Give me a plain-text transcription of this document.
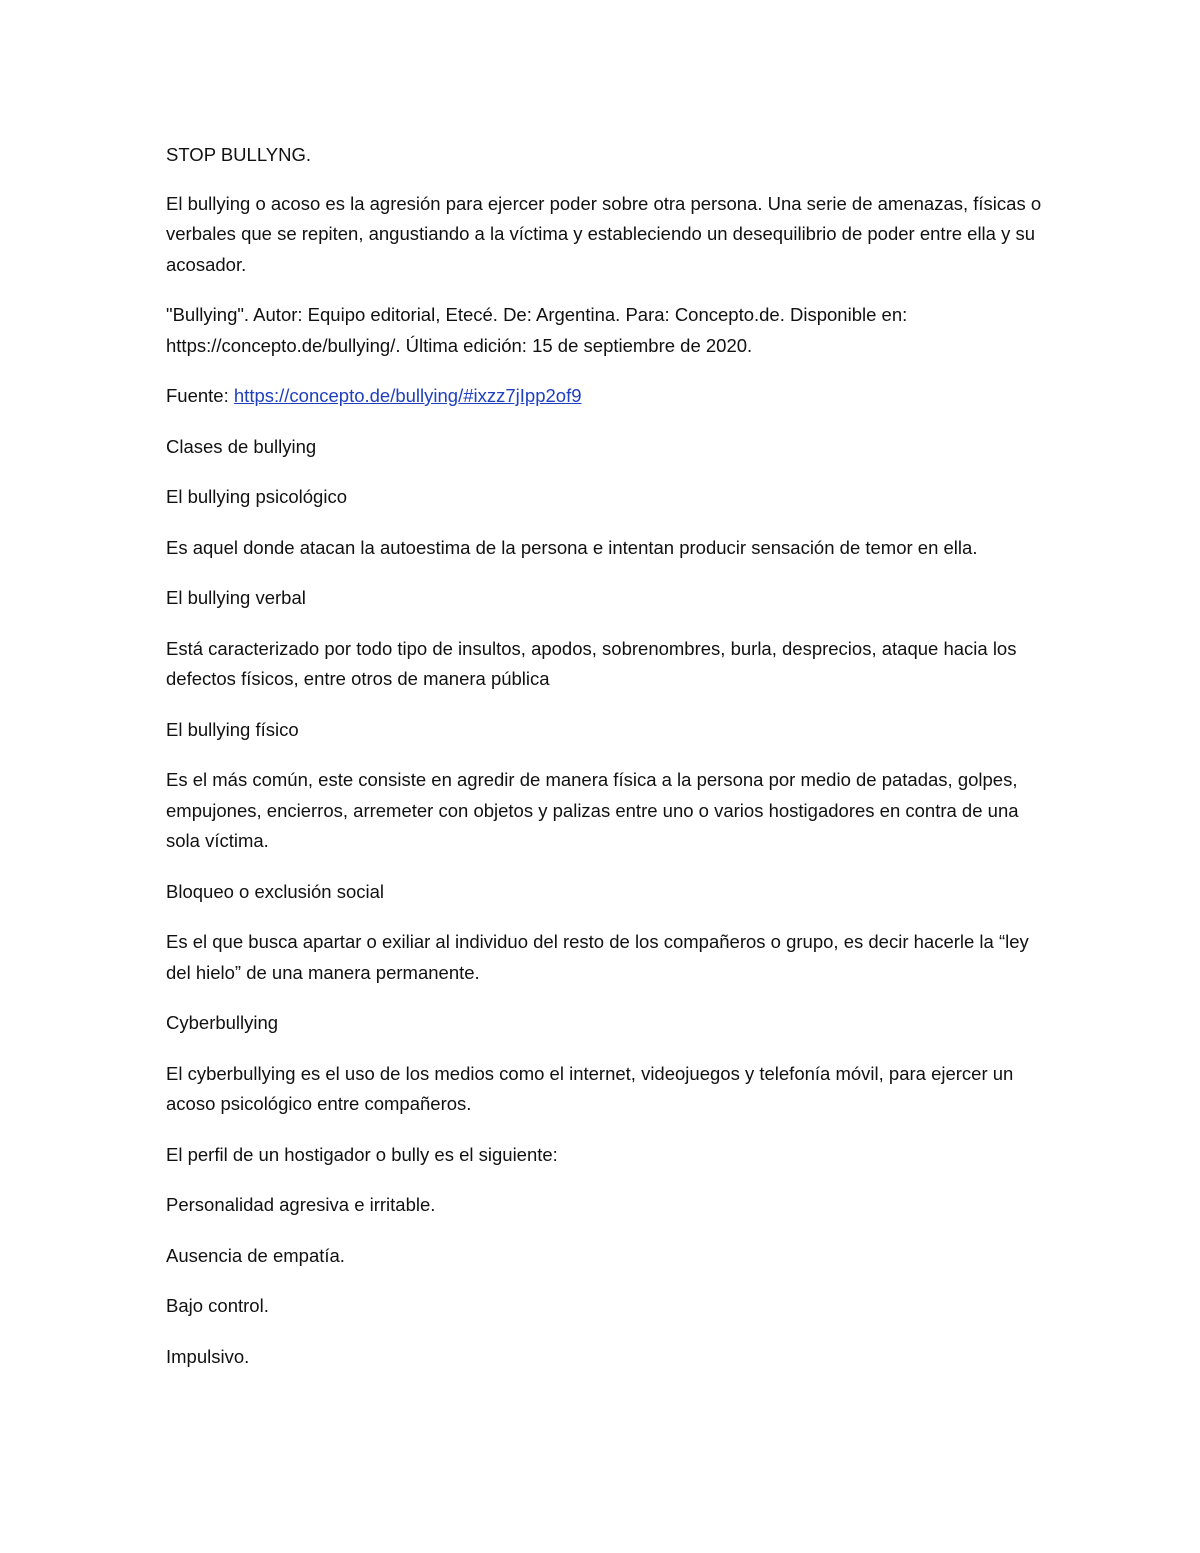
STOP BULLYNG.

El bullying o acoso es la agresión para ejercer poder sobre otra persona. Una serie de amenazas, físicas o verbales que se repiten, angustiando a la víctima y estableciendo un desequilibrio de poder entre ella y su acosador.

"Bullying". Autor: Equipo editorial, Etecé. De: Argentina. Para: Concepto.de. Disponible en: https://concepto.de/bullying/. Última edición: 15 de septiembre de 2020.

Fuente: https://concepto.de/bullying/#ixzz7jIpp2of9

Clases de bullying

El bullying psicológico

Es aquel donde atacan la autoestima de la persona e intentan producir sensación de temor en ella.

El bullying verbal

Está caracterizado por todo tipo de insultos, apodos, sobrenombres, burla, desprecios, ataque hacia los defectos físicos, entre otros de manera pública

El bullying físico

Es el más común, este consiste en agredir de manera física a la persona por medio de patadas, golpes, empujones, encierros, arremeter con objetos y palizas entre uno o varios hostigadores en contra de una sola víctima.

Bloqueo o exclusión social

Es el que busca apartar o exiliar al individuo del resto de los compañeros o grupo, es decir hacerle la “ley del hielo” de una manera permanente.

Cyberbullying

El cyberbullying es el uso de los medios como el internet, videojuegos y telefonía móvil, para ejercer un acoso psicológico entre compañeros.

El perfil de un hostigador o bully es el siguiente:

Personalidad agresiva e irritable.

Ausencia de empatía.

Bajo control.

Impulsivo.
